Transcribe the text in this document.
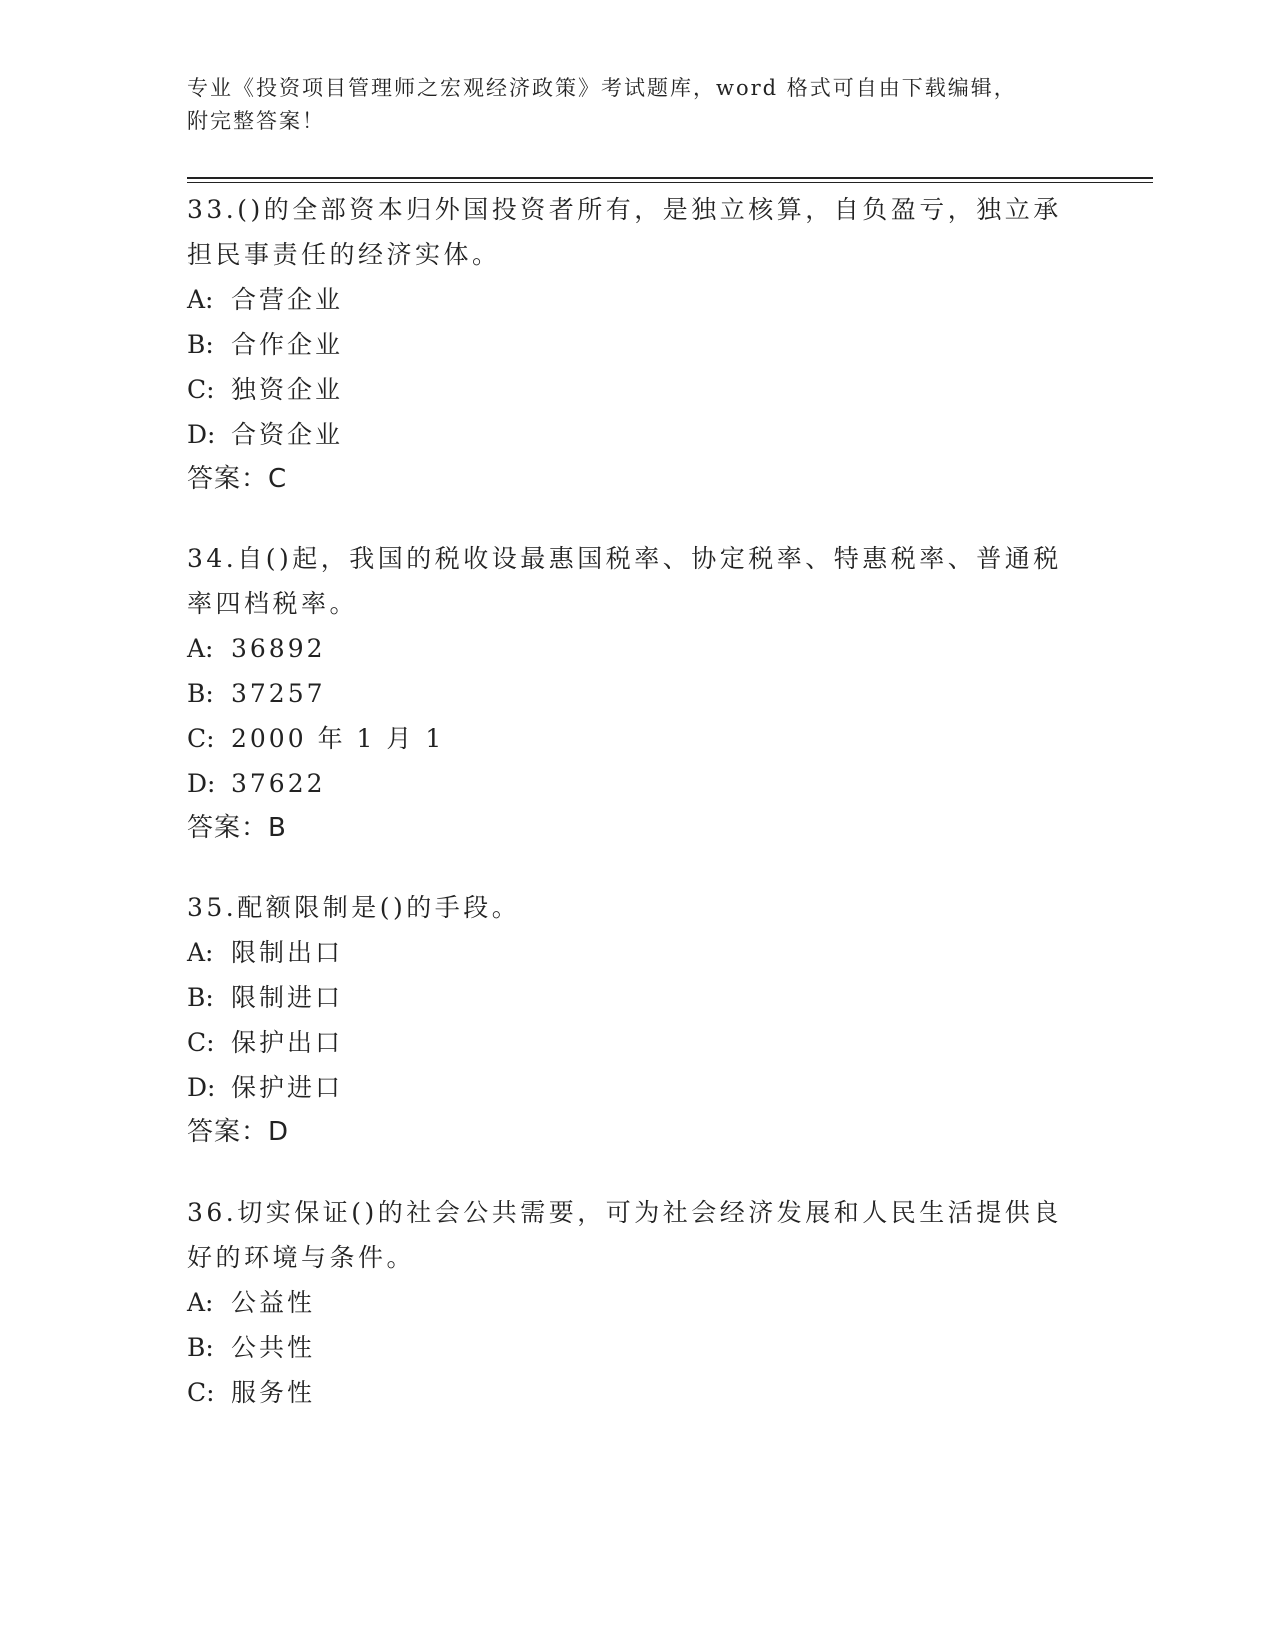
专业《投资项目管理师之宏观经济政策》考试题库，word 格式可自由下载编辑，
附完整答案！

33.()的全部资本归外国投资者所有，是独立核算，自负盈亏，独立承

担民事责任的经济实体。

A: 合营企业

B: 合作企业

C: 独资企业

D: 合资企业

答案：C

34.自()起，我国的税收设最惠国税率、协定税率、特惠税率、普通税

率四档税率。

A: 36892

B: 37257

C: 2000 年 1 月 1

D: 37622

答案：B

35.配额限制是()的手段。

A: 限制出口

B: 限制进口

C: 保护出口

D: 保护进口

答案：D

36.切实保证()的社会公共需要，可为社会经济发展和人民生活提供良

好的环境与条件。

A: 公益性

B: 公共性

C: 服务性
